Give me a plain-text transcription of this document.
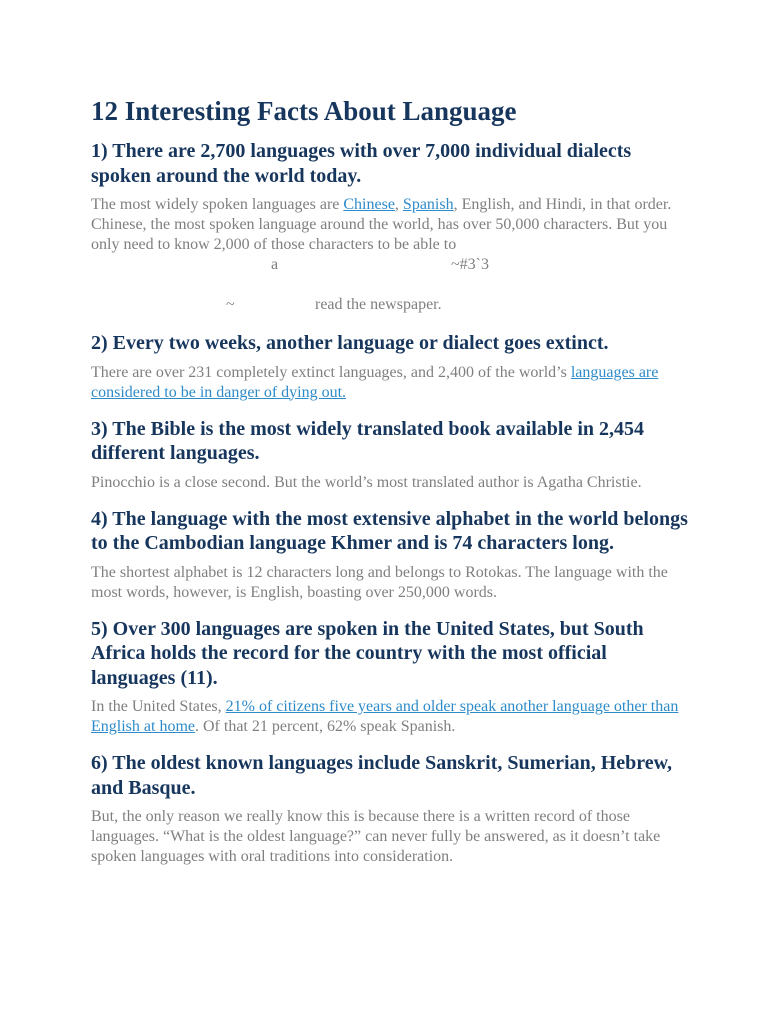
12 Interesting Facts About Language
1) There are 2,700 languages with over 7,000 individual dialects spoken around the world today.

The most widely spoken languages are Chinese, Spanish, English, and Hindi, in that order. Chinese, the most spoken language around the world, has over 50,000 characters. But you only need to know 2,000 of those characters to be able to

a	~#3`3
~	read the newspaper.
2) Every two weeks, another language or dialect goes extinct.

There are over 231 completely extinct languages, and 2,400 of the world’s languages are considered to be in danger of dying out.

3) The Bible is the most widely translated book available in 2,454 different languages.

Pinocchio is a close second. But the world’s most translated author is Agatha Christie.

4) The language with the most extensive alphabet in the world belongs to the Cambodian language Khmer and is 74 characters long.

The shortest alphabet is 12 characters long and belongs to Rotokas. The language with the most words, however, is English, boasting over 250,000 words.

5) Over 300 languages are spoken in the United States, but South Africa holds the record for the country with the most official languages (11).

In the United States, 21% of citizens five years and older speak another language other than English at home. Of that 21 percent, 62% speak Spanish.

6) The oldest known languages include Sanskrit, Sumerian, Hebrew, and Basque.

But, the only reason we really know this is because there is a written record of those languages. “What is the oldest language?” can never fully be answered, as it doesn’t take spoken languages with oral traditions into consideration.
